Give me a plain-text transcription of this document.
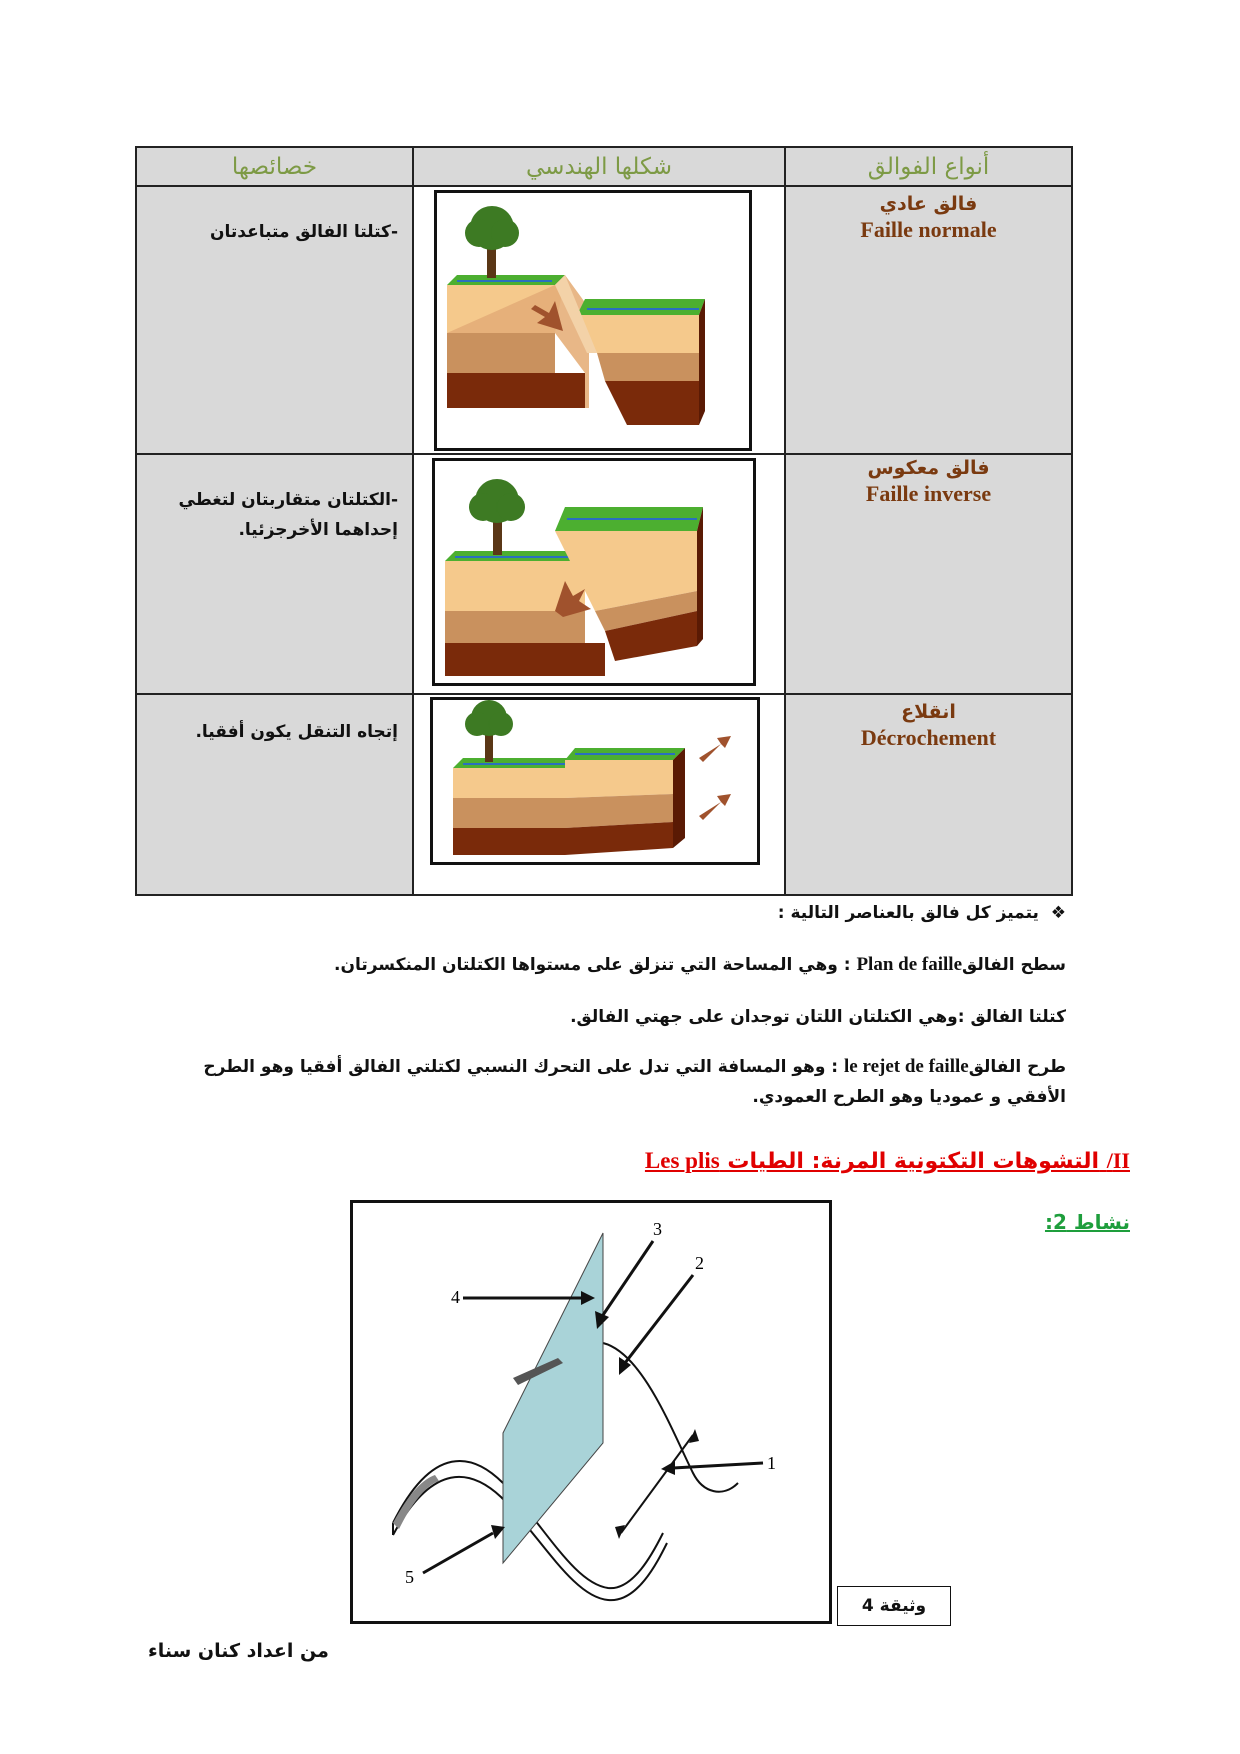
خصائصها	شكلها الهندسي	أنواع الفوالق

-كتلتا الفالق متباعدتان		فالق عادي
Faille normale

-الكتلتان متقاربتان لتغطي إحداهما الأخرجزئيا.		فالق معكوس
Faille inverse

إتجاه التنقل يكون أفقيا.		انقلاع
Décrochement
❖  يتميز كل فالق بالعناصر التالية :
سطح الفالقPlan de faille : وهي المساحة التي تنزلق على مستواها الكتلتان المنكسرتان.
كتلتا الفالق :وهي الكتلتان اللتان توجدان على جهتي الفالق.
طرح الفالقle rejet de faille : وهو المسافة التي تدل على التحرك النسبي لكتلتي الفالق أفقيا وهو الطرح الأفقي و عموديا وهو الطرح العمودي.
II/ التشوهات التكتونية المرنة: الطيات Les plis
نشاط 2:
3
2
4
1
5
وثيقة 4
من اعداد كنان سناء
